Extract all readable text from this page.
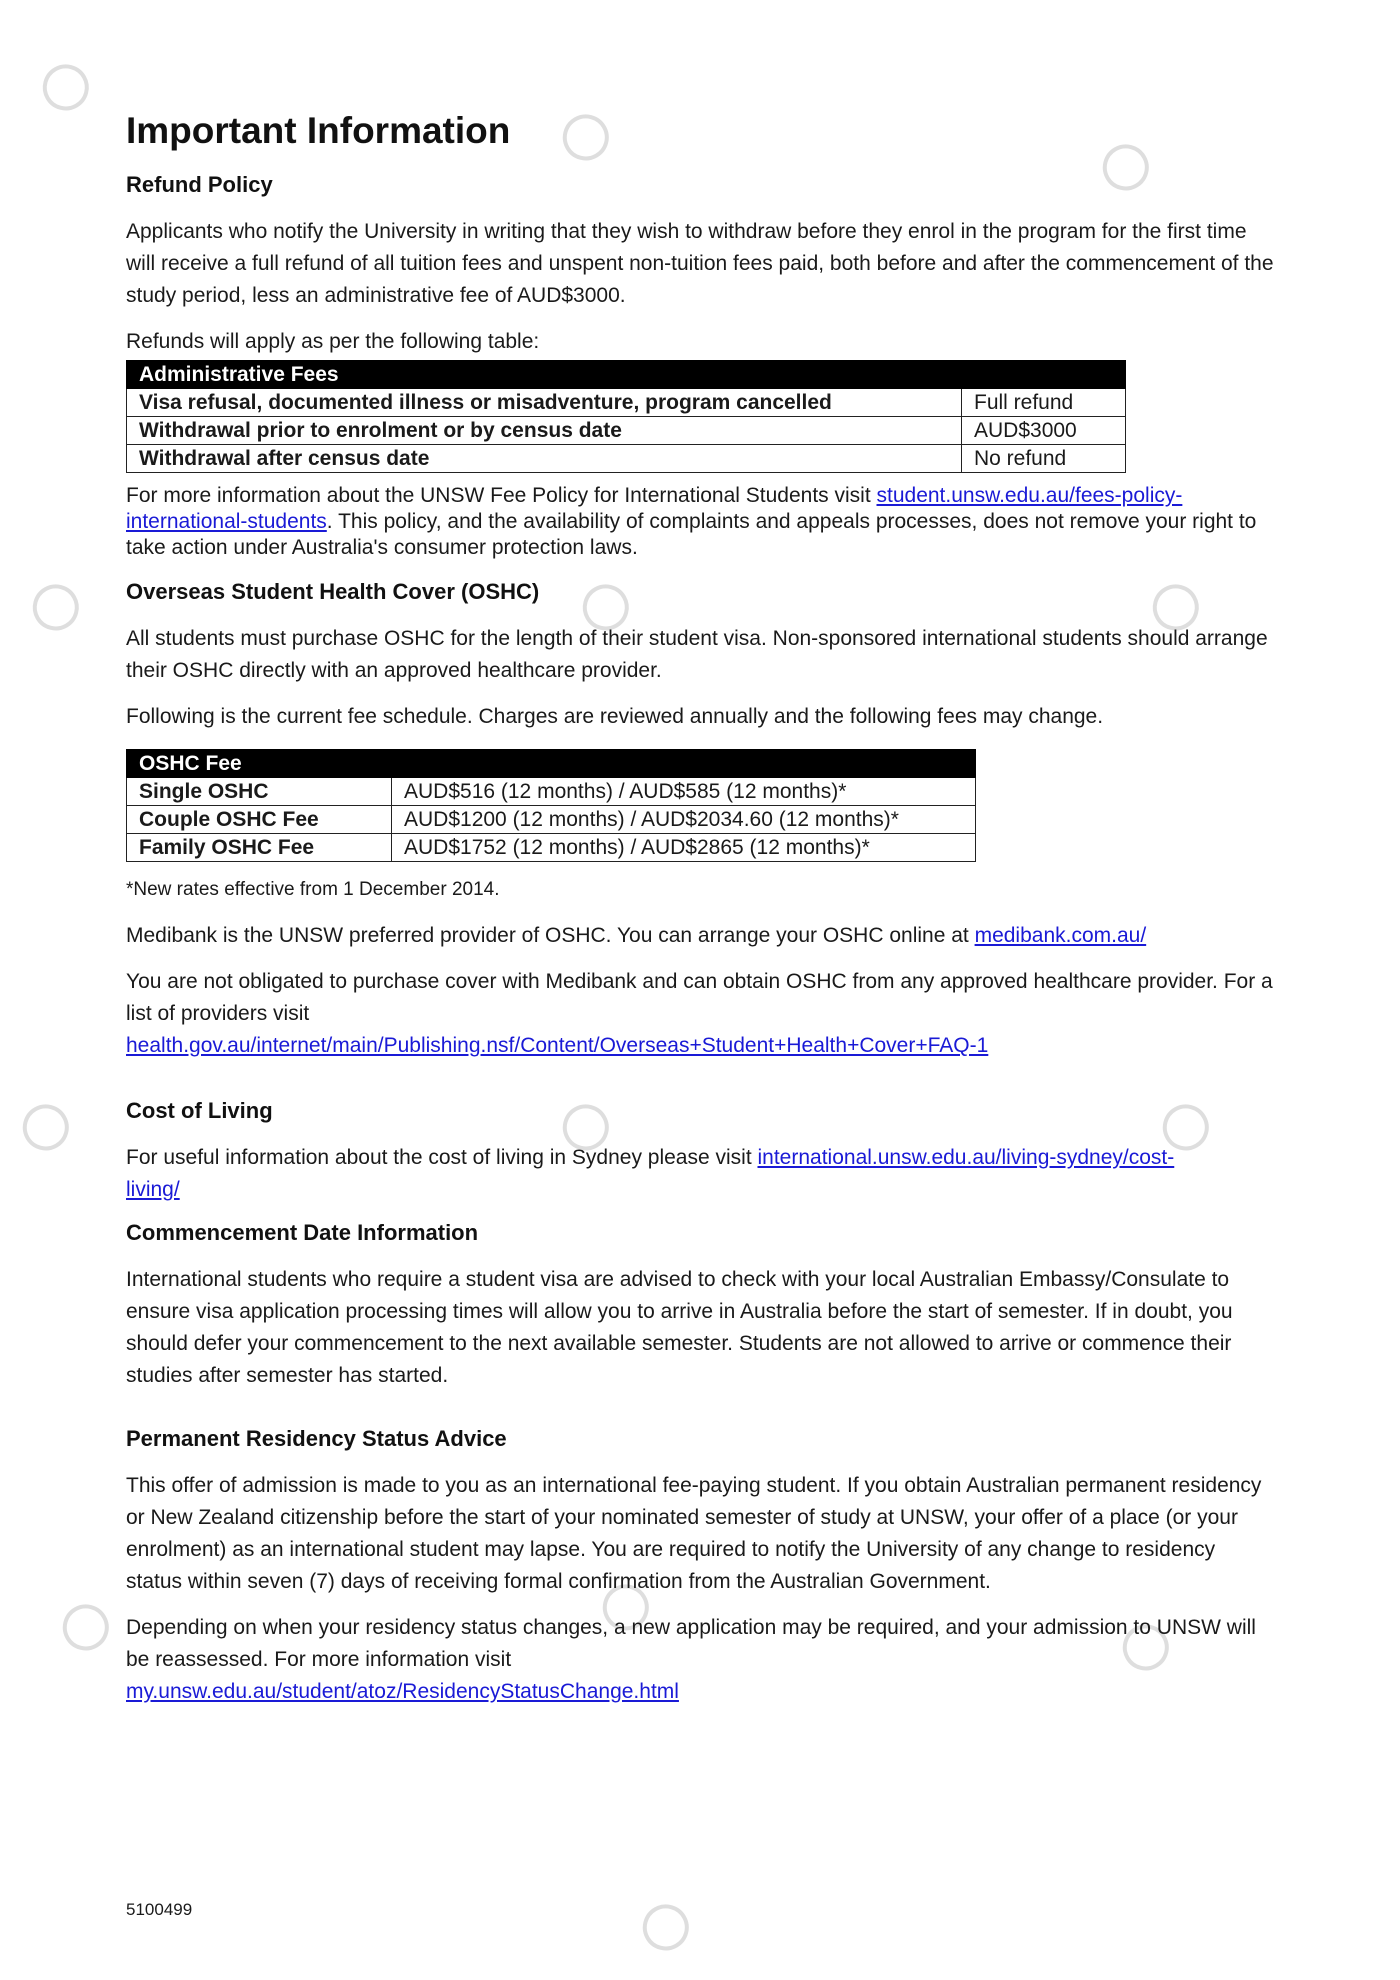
Important Information
Refund Policy

Applicants who notify the University in writing that they wish to withdraw before they enrol in the program for the first time will receive a full refund of all tuition fees and unspent non-tuition fees paid, both before and after the commencement of the study period, less an administrative fee of AUD$3000.

Refunds will apply as per the following table:

Administrative Fees	
Visa refusal, documented illness or misadventure, program cancelled	Full refund
Withdrawal prior to enrolment or by census date	AUD$3000
Withdrawal after census date	No refund

For more information about the UNSW Fee Policy for International Students visit student.unsw.edu.au/fees-policy-international-students. This policy, and the availability of complaints and appeals processes, does not remove your right to take action under Australia's consumer protection laws.

Overseas Student Health Cover (OSHC)

All students must purchase OSHC for the length of their student visa. Non-sponsored international students should arrange their OSHC directly with an approved healthcare provider.

Following is the current fee schedule. Charges are reviewed annually and the following fees may change.

OSHC Fee	
Single OSHC	AUD$516 (12 months) / AUD$585 (12 months)*
Couple OSHC Fee	AUD$1200 (12 months) / AUD$2034.60 (12 months)*
Family OSHC Fee	AUD$1752 (12 months) / AUD$2865 (12 months)*

*New rates effective from 1 December 2014.

Medibank is the UNSW preferred provider of OSHC. You can arrange your OSHC online at medibank.com.au/

You are not obligated to purchase cover with Medibank and can obtain OSHC from any approved healthcare provider. For a list of providers visit
health.gov.au/internet/main/Publishing.nsf/Content/Overseas+Student+Health+Cover+FAQ-1

Cost of Living

For useful information about the cost of living in Sydney please visit international.unsw.edu.au/living-sydney/cost-living/

Commencement Date Information

International students who require a student visa are advised to check with your local Australian Embassy/Consulate to ensure visa application processing times will allow you to arrive in Australia before the start of semester. If in doubt, you should defer your commencement to the next available semester. Students are not allowed to arrive or commence their studies after semester has started.

Permanent Residency Status Advice

This offer of admission is made to you as an international fee-paying student. If you obtain Australian permanent residency or New Zealand citizenship before the start of your nominated semester of study at UNSW, your offer of a place (or your enrolment) as an international student may lapse. You are required to notify the University of any change to residency status within seven (7) days of receiving formal confirmation from the Australian Government.

Depending on when your residency status changes, a new application may be required, and your admission to UNSW will be reassessed. For more information visit
my.unsw.edu.au/student/atoz/ResidencyStatusChange.html

5100499
